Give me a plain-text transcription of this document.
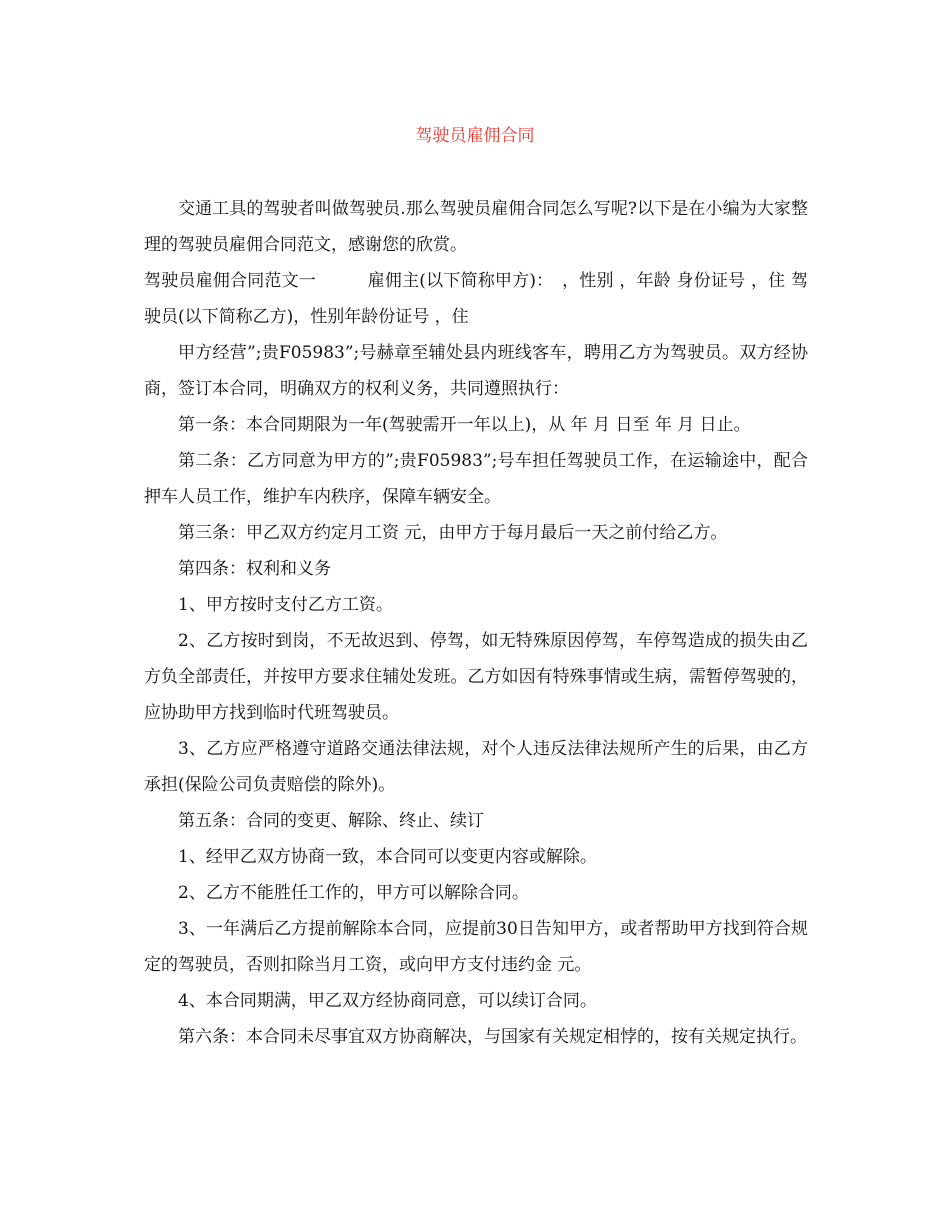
驾驶员雇佣合同

交通工具的驾驶者叫做驾驶员.那么驾驶员雇佣合同怎么写呢?以下是在小编为大家整理的驾驶员雇佣合同范文，感谢您的欣赏。

驾驶员雇佣合同范文一　　　雇佣主(以下简称甲方)：　，性别 ，年龄 身份证号 ，住 驾驶员(以下简称乙方)，性别年龄份证号 ，住

甲方经营”;贵F05983”;号赫章至辅处县内班线客车，聘用乙方为驾驶员。双方经协商，签订本合同，明确双方的权利义务，共同遵照执行：

第一条：本合同期限为一年(驾驶需开一年以上)，从 年 月 日至 年 月 日止。

第二条：乙方同意为甲方的”;贵F05983”;号车担任驾驶员工作，在运输途中，配合押车人员工作，维护车内秩序，保障车辆安全。

第三条：甲乙双方约定月工资 元，由甲方于每月最后一天之前付给乙方。

第四条：权利和义务

1、甲方按时支付乙方工资。

2、乙方按时到岗，不无故迟到、停驾，如无特殊原因停驾，车停驾造成的损失由乙方负全部责任，并按甲方要求住辅处发班。乙方如因有特殊事情或生病，需暂停驾驶的，应协助甲方找到临时代班驾驶员。

3、乙方应严格遵守道路交通法律法规，对个人违反法律法规所产生的后果，由乙方承担(保险公司负责赔偿的除外)。

第五条：合同的变更、解除、终止、续订

1、经甲乙双方协商一致，本合同可以变更内容或解除。

2、乙方不能胜任工作的，甲方可以解除合同。

3、一年满后乙方提前解除本合同，应提前30日告知甲方，或者帮助甲方找到符合规定的驾驶员，否则扣除当月工资，或向甲方支付违约金 元。

4、本合同期满，甲乙双方经协商同意，可以续订合同。

第六条：本合同未尽事宜双方协商解决，与国家有关规定相悖的，按有关规定执行。
